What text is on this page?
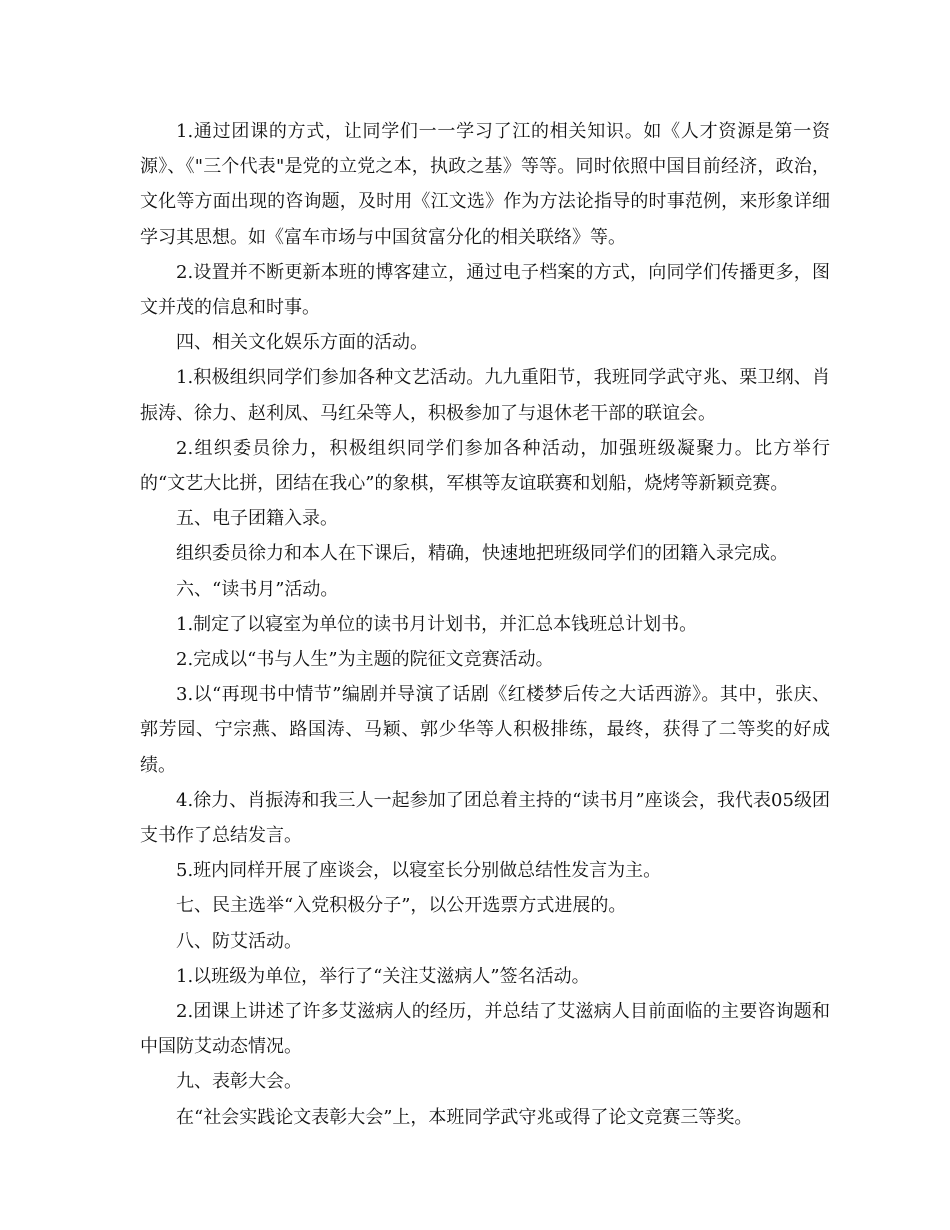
1.通过团课的方式，让同学们一一学习了江的相关知识。如《人才资源是第一资源》、《"三个代表"是党的立党之本，执政之基》等等。同时依照中国目前经济，政治，文化等方面出现的咨询题，及时用《江文选》作为方法论指导的时事范例，来形象详细学习其思想。如《富车市场与中国贫富分化的相关联络》等。

2.设置并不断更新本班的博客建立，通过电子档案的方式，向同学们传播更多，图文并茂的信息和时事。

四、相关文化娱乐方面的活动。

1.积极组织同学们参加各种文艺活动。九九重阳节，我班同学武守兆、栗卫纲、肖振涛、徐力、赵利凤、马红朵等人，积极参加了与退休老干部的联谊会。

2.组织委员徐力，积极组织同学们参加各种活动，加强班级凝聚力。比方举行的“文艺大比拼，团结在我心”的象棋，军棋等友谊联赛和划船，烧烤等新颖竞赛。

五、电子团籍入录。

组织委员徐力和本人在下课后，精确，快速地把班级同学们的团籍入录完成。

六、“读书月”活动。

1.制定了以寝室为单位的读书月计划书，并汇总本钱班总计划书。

2.完成以“书与人生”为主题的院征文竞赛活动。

3.以“再现书中情节”编剧并导演了话剧《红楼梦后传之大话西游》。其中，张庆、郭芳园、宁宗燕、路国涛、马颖、郭少华等人积极排练，最终，获得了二等奖的好成绩。

4.徐力、肖振涛和我三人一起参加了团总着主持的“读书月”座谈会，我代表05级团支书作了总结发言。

5.班内同样开展了座谈会，以寝室长分别做总结性发言为主。

七、民主选举“入党积极分子”，以公开选票方式进展的。

八、防艾活动。

1.以班级为单位，举行了“关注艾滋病人”签名活动。

2.团课上讲述了许多艾滋病人的经历，并总结了艾滋病人目前面临的主要咨询题和中国防艾动态情况。

九、表彰大会。

在“社会实践论文表彰大会”上，本班同学武守兆或得了论文竞赛三等奖。
